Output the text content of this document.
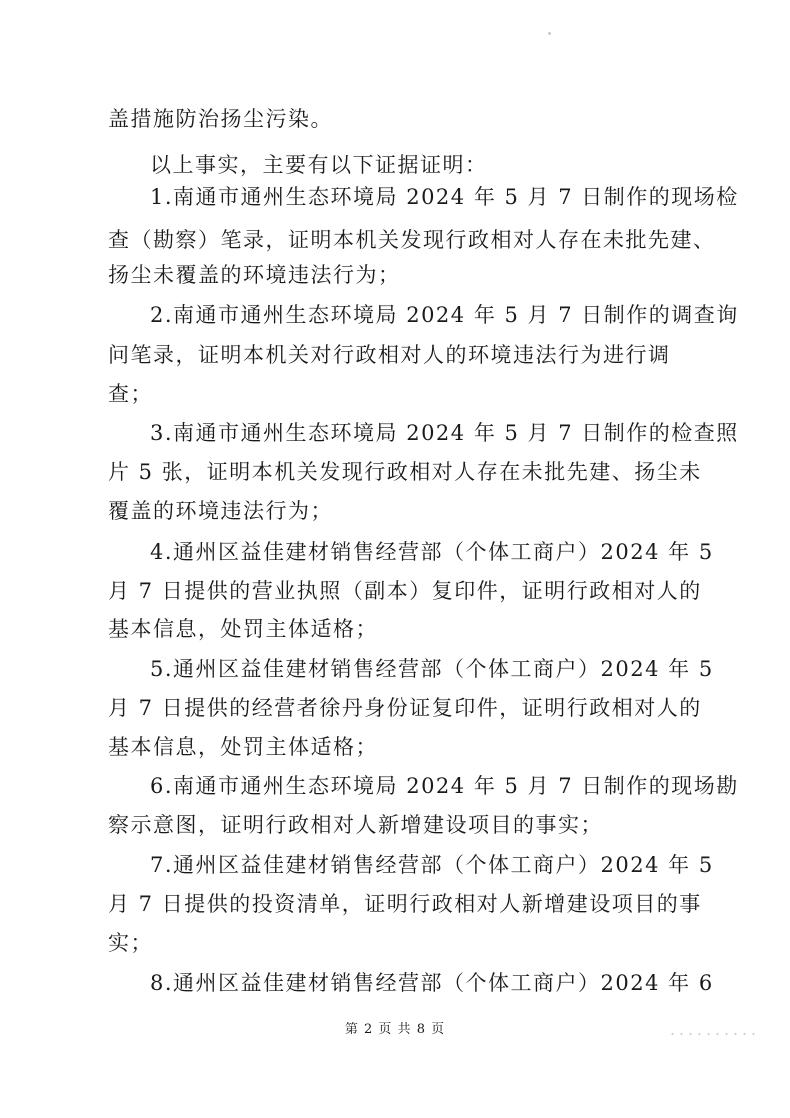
盖措施防治扬尘污染。
以上事实，主要有以下证据证明：
1.南通市通州生态环境局 2024 年 5 月 7 日制作的现场检
查（勘察）笔录，证明本机关发现行政相对人存在未批先建、
扬尘未覆盖的环境违法行为；
2.南通市通州生态环境局 2024 年 5 月 7 日制作的调查询
问笔录，证明本机关对行政相对人的环境违法行为进行调
查；
3.南通市通州生态环境局 2024 年 5 月 7 日制作的检查照
片 5 张，证明本机关发现行政相对人存在未批先建、扬尘未
覆盖的环境违法行为；
4.通州区益佳建材销售经营部（个体工商户）2024 年 5
月 7 日提供的营业执照（副本）复印件，证明行政相对人的
基本信息，处罚主体适格；
5.通州区益佳建材销售经营部（个体工商户）2024 年 5
月 7 日提供的经营者徐丹身份证复印件，证明行政相对人的
基本信息，处罚主体适格；
6.南通市通州生态环境局 2024 年 5 月 7 日制作的现场勘
察示意图，证明行政相对人新增建设项目的事实；
7.通州区益佳建材销售经营部（个体工商户）2024 年 5
月 7 日提供的投资清单，证明行政相对人新增建设项目的事
实；
8.通州区益佳建材销售经营部（个体工商户）2024 年 6
第 2 页 共 8 页
